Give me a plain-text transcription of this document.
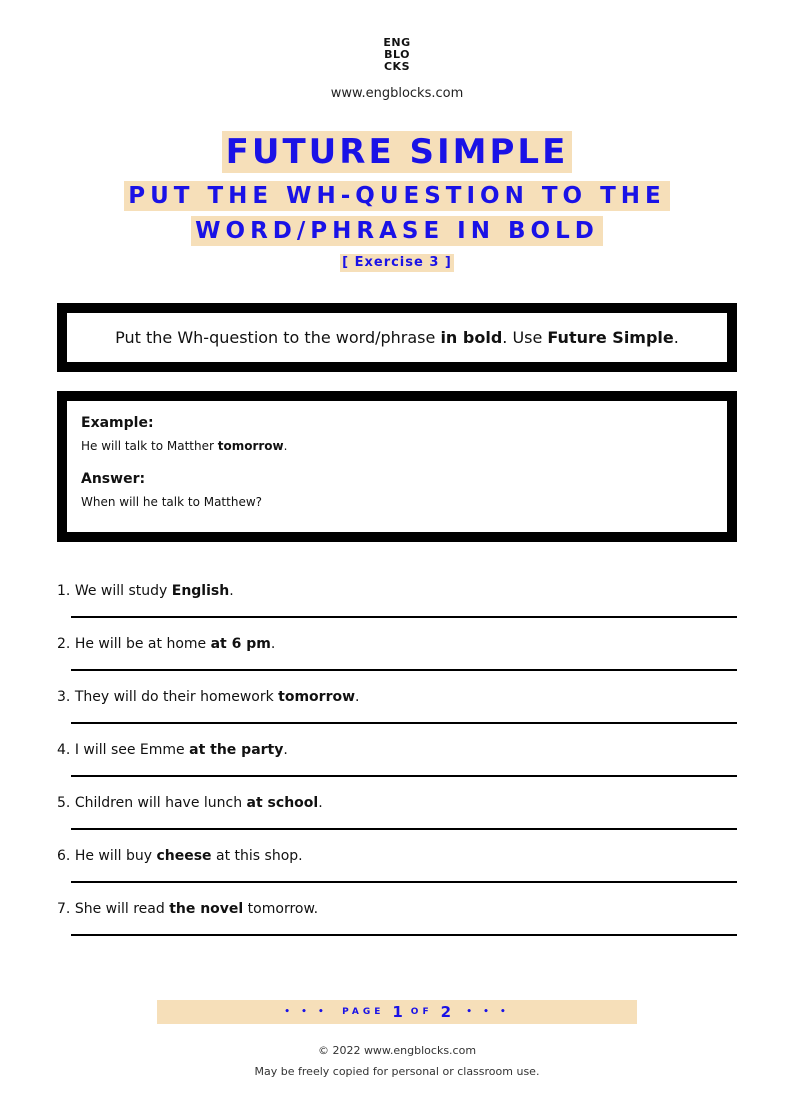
ENG
BLO
CKS
www.engblocks.com
FUTURE SIMPLE
PUT THE WH-QUESTION TO THE
WORD/PHRASE IN BOLD
[ Exercise 3 ]
Put the Wh-question to the word/phrase in bold. Use Future Simple.

Example:

He will talk to Matther tomorrow.

Answer:

When will he talk to Matthew?

1. We will study English.
2. He will be at home at 6 pm.
3. They will do their homework tomorrow.
4. I will see Emme at the party.
5. Children will have lunch at school.
6. He will buy cheese at this shop.
7. She will read the novel tomorrow.
• • •
PAGE 1 OF 2
• • •
© 2022 www.engblocks.com
May be freely copied for personal or classroom use.
